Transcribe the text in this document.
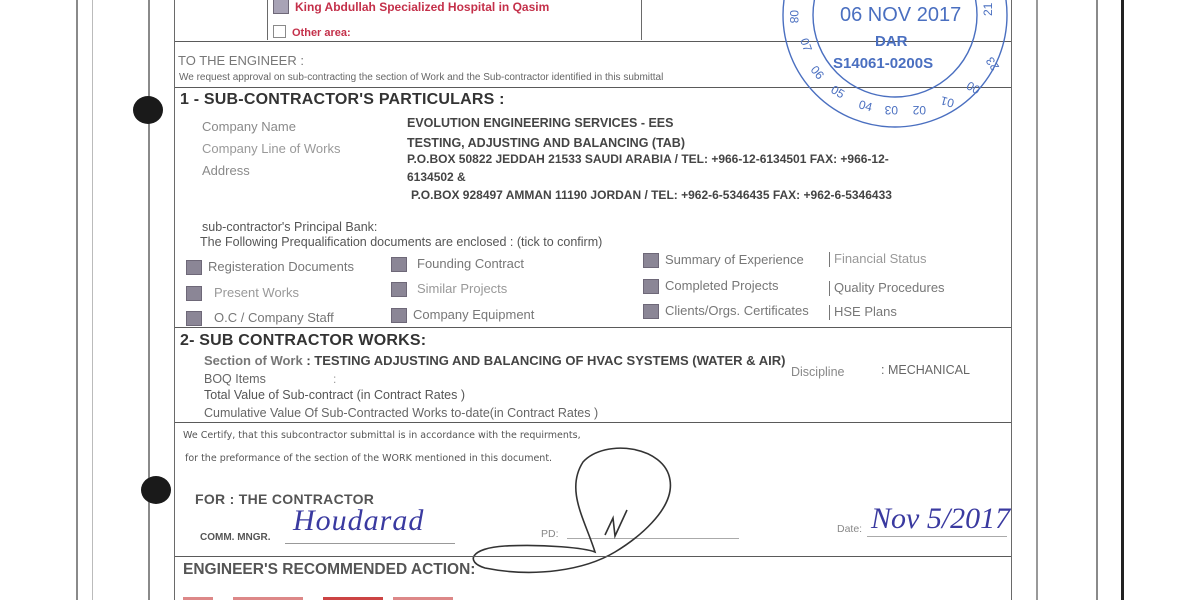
King Abdullah Specialized Hospital in Qasim
Other area:
TO THE ENGINEER :
We request approval on sub-contracting the section of Work and the Sub-contractor identified in this submittal
1 - SUB-CONTRACTOR'S PARTICULARS :
Company Name	EVOLUTION ENGINEERING SERVICES - EES
Company Line of Works	TESTING, ADJUSTING AND BALANCING (TAB)
Address
P.O.BOX 50822 JEDDAH 21533 SAUDI ARABIA / TEL: +966-12-6134501 FAX: +966-12-
6134502 &
P.O.BOX 928497 AMMAN 11190 JORDAN / TEL: +962-6-5346435 FAX: +962-6-5346433
sub-contractor's Principal Bank:
The Following Prequalification documents are enclosed : (tick to confirm)
Registeration Documents	Founding Contract	Summary of Experience	Financial Status
Present Works	Similar Projects	Completed Projects	Quality Procedures
O.C / Company Staff	Company Equipment	Clients/Orgs. Certificates	HSE Plans
2- SUB CONTRACTOR WORKS:
Section of Work : TESTING ADJUSTING AND BALANCING OF HVAC SYSTEMS (WATER & AIR)
BOQ Items	:	Discipline	: MECHANICAL
Total Value of Sub-contract (in Contract Rates )
Cumulative Value Of Sub-Contracted Works to-date(in Contract Rates )
We Certify, that this subcontractor submittal is in accordance with the requirments,
for the preformance of the section of the WORK mentioned in this document.
FOR : THE CONTRACTOR
COMM. MNGR.
Houdarad	PD:	Date: Nov 5/2017
ENGINEER'S RECOMMENDED ACTION:
07
06
05
04 03 02 01
00
23
21
08 06 NOV 2017
DAR
S14061-0200S
